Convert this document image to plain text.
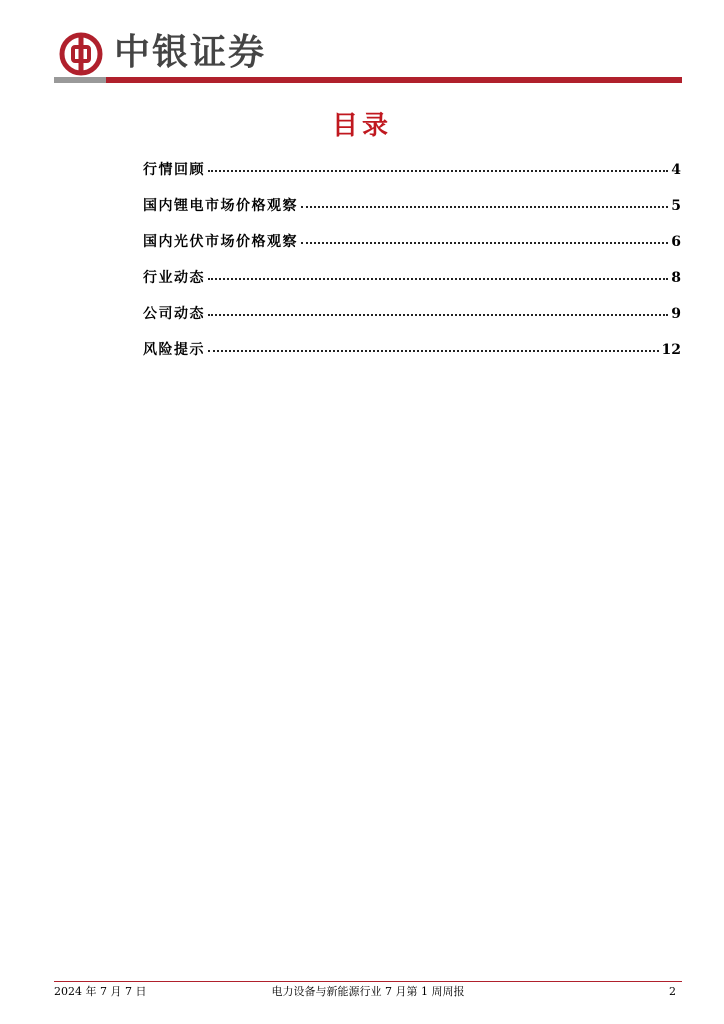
中银证券
目录
行情回顾	4
国内锂电市场价格观察	5
国内光伏市场价格观察	6
行业动态	8
公司动态	9
风险提示	12
2024 年 7 月 7 日	电力设备与新能源行业 7 月第 1 周周报	2
